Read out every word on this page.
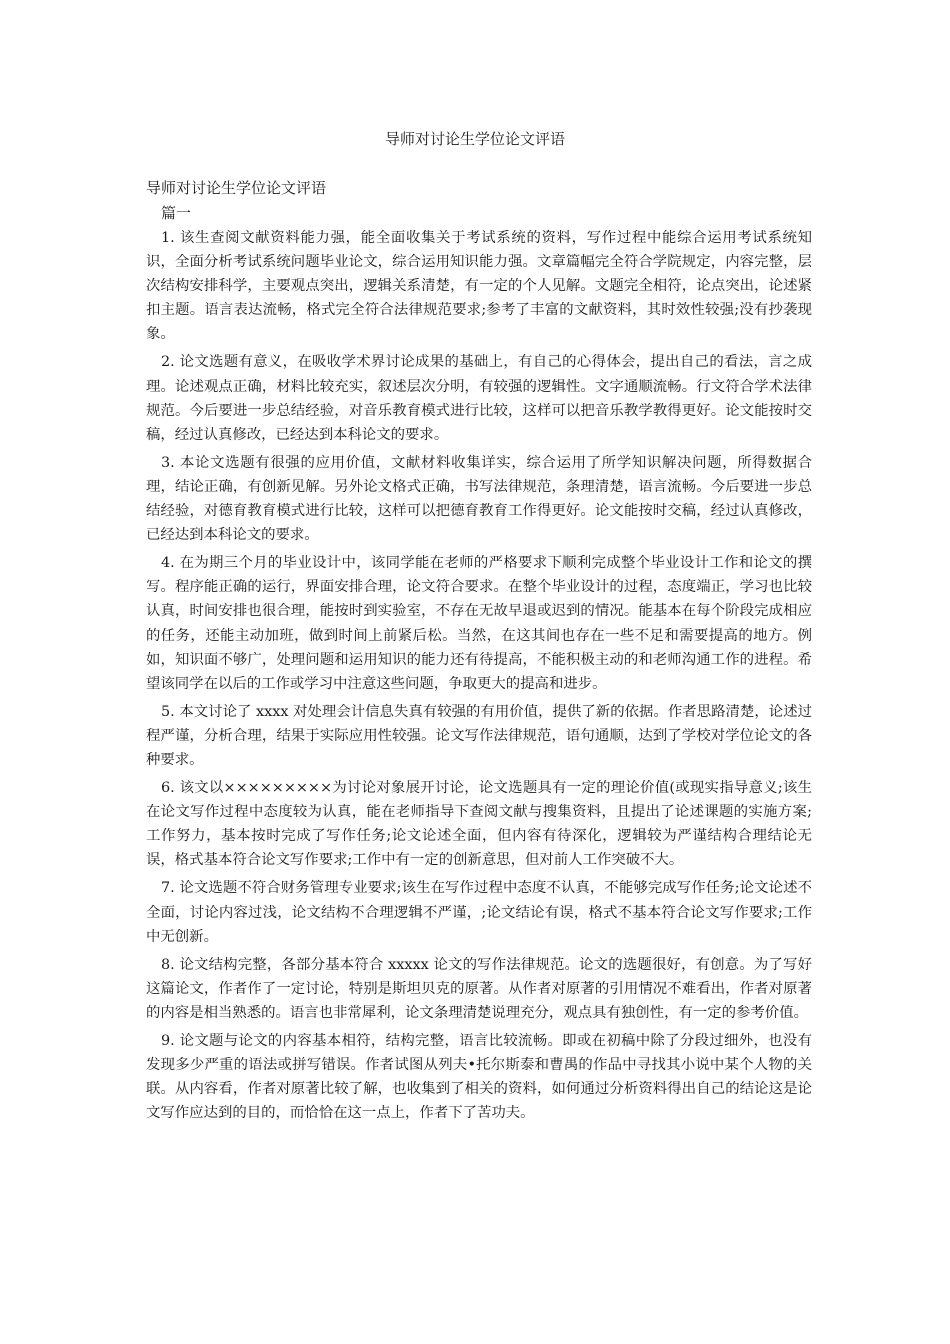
导师对讨论生学位论文评语
导师对讨论生学位论文评语
篇一

1. 该生查阅文献资料能力强，能全面收集关于考试系统的资料，写作过程中能综合运用考试系统知识，全面分析考试系统问题毕业论文，综合运用知识能力强。文章篇幅完全符合学院规定，内容完整，层次结构安排科学，主要观点突出，逻辑关系清楚，有一定的个人见解。文题完全相符，论点突出，论述紧扣主题。语言表达流畅，格式完全符合法律规范要求;参考了丰富的文献资料，其时效性较强;没有抄袭现象。

2. 论文选题有意义，在吸收学术界讨论成果的基础上，有自己的心得体会，提出自己的看法，言之成理。论述观点正确，材料比较充实，叙述层次分明，有较强的逻辑性。文字通顺流畅。行文符合学术法律规范。今后要进一步总结经验，对音乐教育模式进行比较，这样可以把音乐教学教得更好。论文能按时交稿，经过认真修改，已经达到本科论文的要求。

3. 本论文选题有很强的应用价值，文献材料收集详实，综合运用了所学知识解决问题，所得数据合理，结论正确，有创新见解。另外论文格式正确，书写法律规范，条理清楚，语言流畅。今后要进一步总结经验，对德育教育模式进行比较，这样可以把德育教育工作得更好。论文能按时交稿，经过认真修改，已经达到本科论文的要求。

4. 在为期三个月的毕业设计中，该同学能在老师的严格要求下顺利完成整个毕业设计工作和论文的撰写。程序能正确的运行，界面安排合理，论文符合要求。在整个毕业设计的过程，态度端正，学习也比较认真，时间安排也很合理，能按时到实验室，不存在无故早退或迟到的情况。能基本在每个阶段完成相应的任务，还能主动加班，做到时间上前紧后松。当然，在这其间也存在一些不足和需要提高的地方。例如，知识面不够广，处理问题和运用知识的能力还有待提高，不能积极主动的和老师沟通工作的进程。希望该同学在以后的工作或学习中注意这些问题，争取更大的提高和进步。

5. 本文讨论了 xxxx 对处理会计信息失真有较强的有用价值，提供了新的依据。作者思路清楚，论述过程严谨，分析合理，结果于实际应用性较强。论文写作法律规范，语句通顺，达到了学校对学位论文的各种要求。

6. 该文以×××××××××为讨论对象展开讨论，论文选题具有一定的理论价值(或现实指导意义;该生在论文写作过程中态度较为认真，能在老师指导下查阅文献与搜集资料，且提出了论述课题的实施方案;工作努力，基本按时完成了写作任务;论文论述全面，但内容有待深化，逻辑较为严谨结构合理结论无误，格式基本符合论文写作要求;工作中有一定的创新意思，但对前人工作突破不大。

7. 论文选题不符合财务管理专业要求;该生在写作过程中态度不认真，不能够完成写作任务;论文论述不全面，讨论内容过浅，论文结构不合理逻辑不严谨，;论文结论有误，格式不基本符合论文写作要求;工作中无创新。

8. 论文结构完整，各部分基本符合 xxxxx 论文的写作法律规范。论文的选题很好，有创意。为了写好这篇论文，作者作了一定讨论，特别是斯坦贝克的原著。从作者对原著的引用情况不难看出，作者对原著的内容是相当熟悉的。语言也非常犀利，论文条理清楚说理充分，观点具有独创性，有一定的参考价值。

9. 论文题与论文的内容基本相符，结构完整，语言比较流畅。即或在初稿中除了分段过细外，也没有发现多少严重的语法或拼写错误。作者试图从列夫•托尔斯泰和曹禺的作品中寻找其小说中某个人物的关联。从内容看，作者对原著比较了解，也收集到了相关的资料，如何通过分析资料得出自己的结论这是论文写作应达到的目的，而恰恰在这一点上，作者下了苦功夫。
